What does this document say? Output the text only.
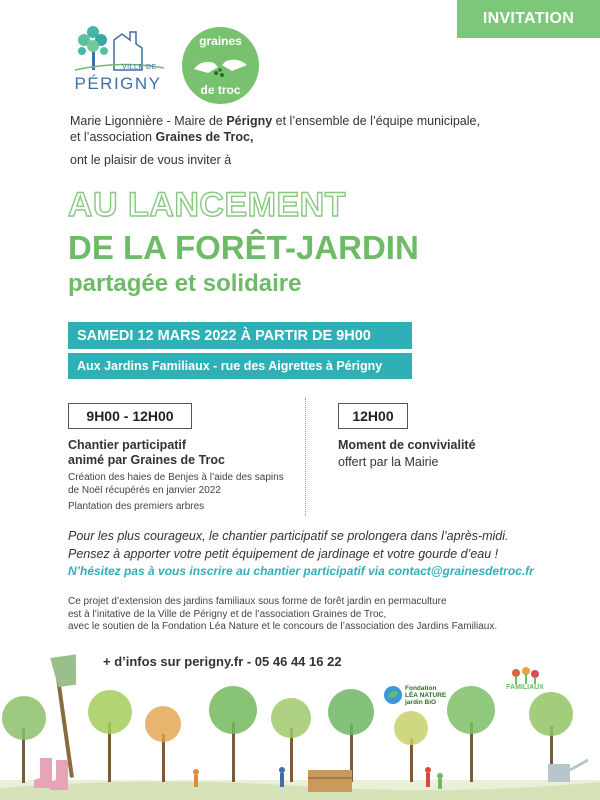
INVITATION
VILLE DE
PÉRIGNY
graines
de troc
Marie Ligonnière - Maire de Périgny et l’ensemble de l’équipe municipale,
et l’association Graines de Troc,
ont le plaisir de vous inviter à
AU LANCEMENT
DE LA FORÊT-JARDIN
partagée et solidaire
SAMEDI 12 MARS 2022 À PARTIR DE 9H00
Aux Jardins Familiaux - rue des Aigrettes à Périgny
9H00 - 12H00
Chantier participatif
animé par Graines de Troc
Création des haies de Benjes à l’aide des sapins de Noël récupérés en janvier 2022
Plantation des premiers arbres
12H00
Moment de convivialité
offert par la Mairie
Pour les plus courageux, le chantier participatif se prolongera dans l’après-midi.
Pensez à apporter votre petit équipement de jardinage et votre gourde d’eau !
N’hésitez pas à vous inscrire au chantier participatif via contact@grainesdetroc.fr
Ce projet d’extension des jardins familiaux sous forme de forêt jardin en permaculture
est à l’initative de la Ville de Périgny et de l’association Graines de Troc,
avec le soutien de la Fondation Léa Nature et le concours de l’association des Jardins Familiaux.
+ d’infos sur perigny.fr - 05 46 44 16 22
Fondation LÉA NATURE jardin BiO
FAMILIAUX
